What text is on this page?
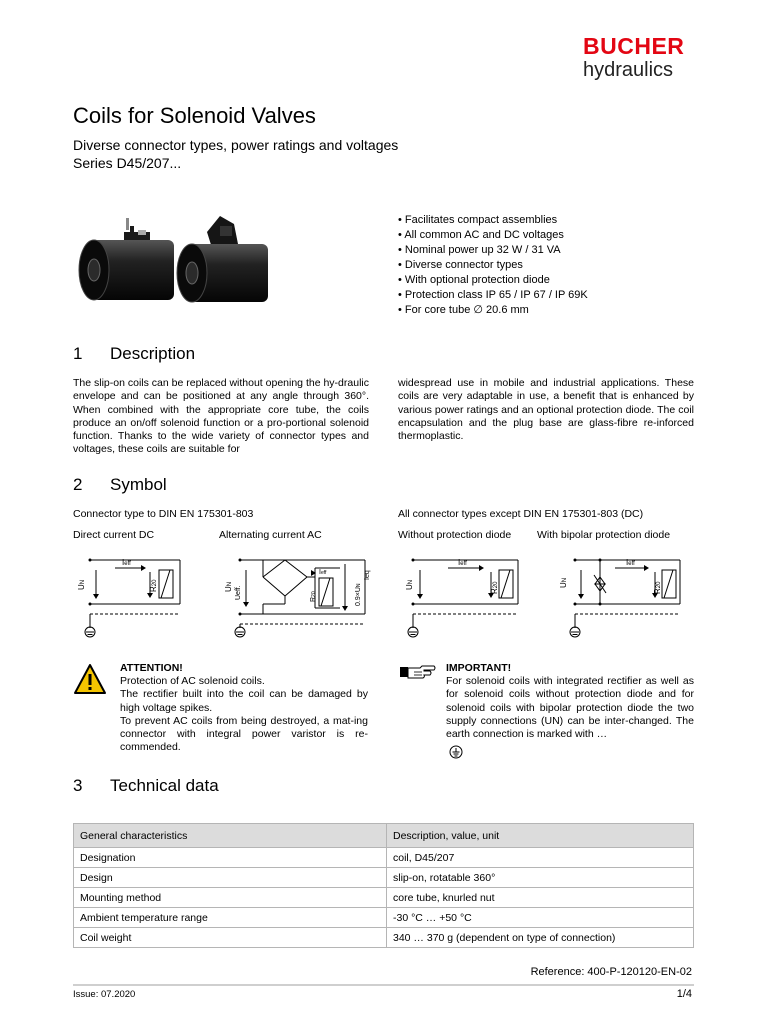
BUCHER
hydraulics
Coils for Solenoid Valves
Diverse connector types, power ratings and voltages
Series D45/207...
• Facilitates compact assemblies
• All common AC and DC voltages
• Nominal power up 32 W / 31 VA
• Diverse connector types
• With optional protection diode
• Protection class IP 65 / IP 67 / IP 69K
• For core tube ∅ 20.6 mm
1 Description
The slip-on coils can be replaced without opening the hy-draulic envelope and can be positioned at any angle through 360°. When combined with the appropriate core tube, the coils produce an on/off solenoid function or a pro-portional solenoid function. Thanks to the wide variety of connector types and voltages, these coils are suitable for
widespread use in mobile and industrial applications. These coils are very adaptable in use, a benefit that is enhanced by various power ratings and an optional protection diode. The coil encapsulation and the plug base are glass-fibre re-inforced thermoplastic.
2 Symbol
Connector type to DIN EN 175301-803	All connector types except DIN EN 175301-803 (DC)
Direct current DC	Alternating current AC	Without protection diode With bipolar protection diode
UN
Ieff
R20
UN
Ueff.	0.9×UN
Ieq
Ieff
R20
UN
Ieff
R20	UN
Ieff
R20
ATTENTION!
Protection of AC solenoid coils.
The rectifier built into the coil can be damaged by high voltage spikes.
To prevent AC coils from being destroyed, a mat-ing connector with integral power varistor is re-commended.
IMPORTANT!
For solenoid coils with integrated rectifier as well as for solenoid coils without protection diode and for solenoid coils with bipolar protection diode the two supply connections (UN) can be inter-changed. The earth connection is marked with …
3 Technical data
General characteristics	Description, value, unit
Designation	coil, D45/207
Design	slip-on, rotatable 360°
Mounting method	core tube, knurled nut
Ambient temperature range	-30 °C … +50 °C
Coil weight	340 … 370 g (dependent on type of connection)
Reference: 400-P-120120-EN-02
Issue: 07.2020	1/4
